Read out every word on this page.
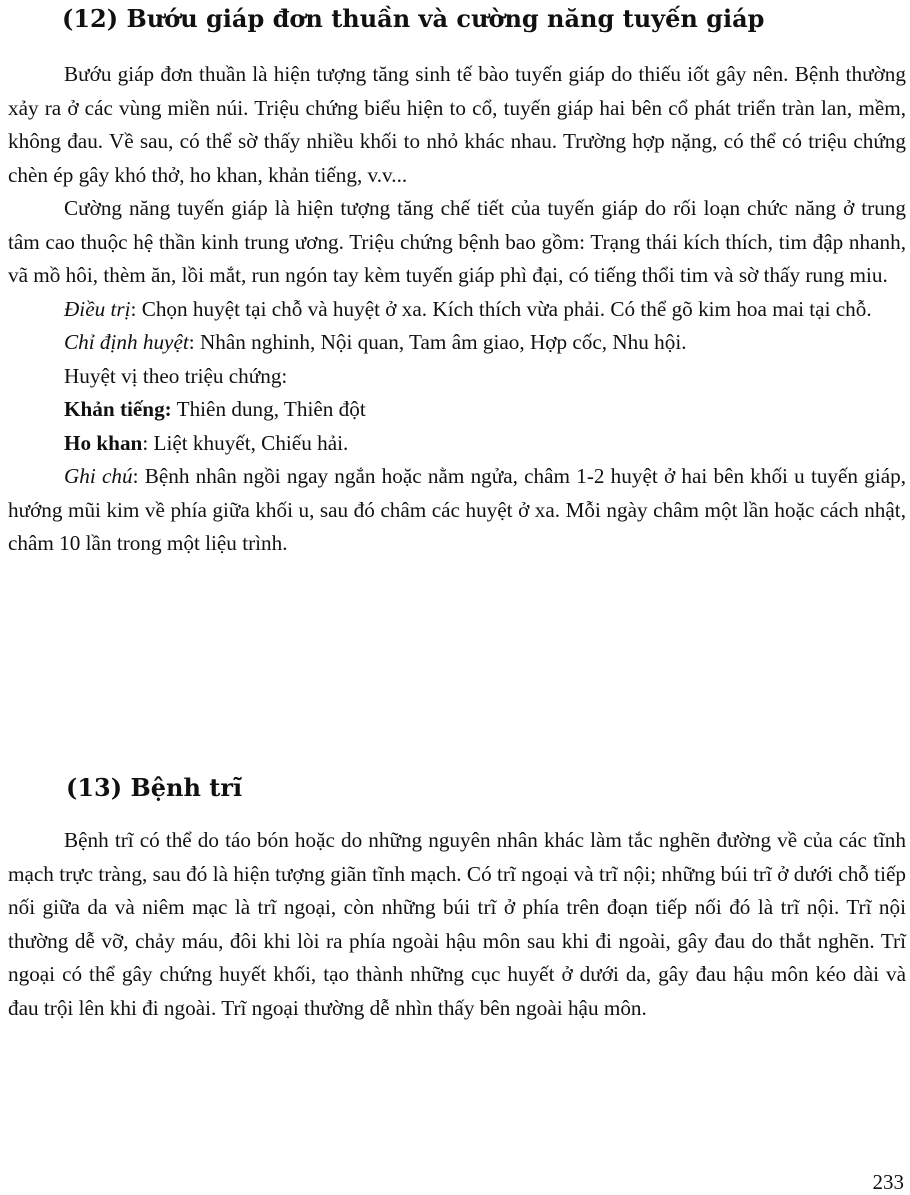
(12) Bướu giáp đơn thuần và cường năng tuyến giáp

Bướu giáp đơn thuần là hiện tượng tăng sinh tế bào tuyến giáp do thiếu iốt gây nên. Bệnh thường xảy ra ở các vùng miền núi. Triệu chứng biểu hiện to cổ, tuyến giáp hai bên cổ phát triển tràn lan, mềm, không đau. Về sau, có thể sờ thấy nhiều khối to nhỏ khác nhau. Trường hợp nặng, có thể có triệu chứng chèn ép gây khó thở, ho khan, khản tiếng, v.v...

Cường năng tuyến giáp là hiện tượng tăng chế tiết của tuyến giáp do rối loạn chức năng ở trung tâm cao thuộc hệ thần kinh trung ương. Triệu chứng bệnh bao gồm: Trạng thái kích thích, tim đập nhanh, vã mồ hôi, thèm ăn, lồi mắt, run ngón tay kèm tuyến giáp phì đại, có tiếng thổi tim và sờ thấy rung miu.

Điều trị: Chọn huyệt tại chỗ và huyệt ở xa. Kích thích vừa phải. Có thể gõ kim hoa mai tại chỗ.

Chỉ định huyệt: Nhân nghinh, Nội quan, Tam âm giao, Hợp cốc, Nhu hội.

Huyệt vị theo triệu chứng:

Khản tiếng: Thiên dung, Thiên đột

Ho khan: Liệt khuyết, Chiếu hải.

Ghi chú: Bệnh nhân ngồi ngay ngắn hoặc nằm ngửa, châm 1-2 huyệt ở hai bên khối u tuyến giáp, hướng mũi kim về phía giữa khối u, sau đó châm các huyệt ở xa. Mỗi ngày châm một lần hoặc cách nhật, châm 10 lần trong một liệu trình.

(13) Bệnh trĩ

Bệnh trĩ có thể do táo bón hoặc do những nguyên nhân khác làm tắc nghẽn đường về của các tĩnh mạch trực tràng, sau đó là hiện tượng giãn tĩnh mạch. Có trĩ ngoại và trĩ nội; những búi trĩ ở dưới chỗ tiếp nối giữa da và niêm mạc là trĩ ngoại, còn những búi trĩ ở phía trên đoạn tiếp nối đó là trĩ nội. Trĩ nội thường dễ vỡ, chảy máu, đôi khi lòi ra phía ngoài hậu môn sau khi đi ngoài, gây đau do thắt nghẽn. Trĩ ngoại có thể gây chứng huyết khối, tạo thành những cục huyết ở dưới da, gây đau hậu môn kéo dài và đau trội lên khi đi ngoài. Trĩ ngoại thường dễ nhìn thấy bên ngoài hậu môn.

233
